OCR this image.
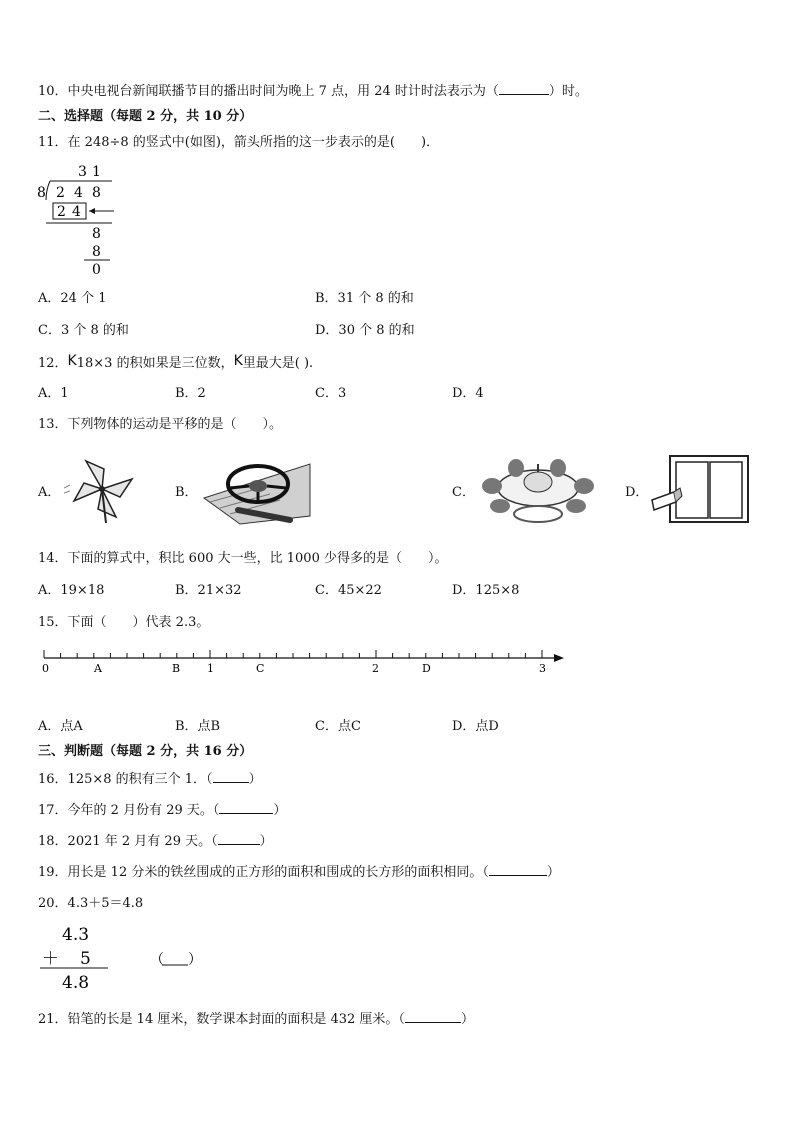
10．中央电视台新闻联播节目的播出时间为晚上 7 点，用 24 时计时法表示为（	）时。
二、选择题（每题 2 分，共 10 分）
11．在 248÷8 的竖式中(如图)，箭头所指的这一步表示的是(　　)．
3 1
8 2 4 8
2 4
8
8
0
A．24 个 1	B．31 个 8 的和
C．3 个 8 的和	D．30 个 8 的和
12．K18×3 的积如果是三位数，K里最大是( ).
A．1	B．2	C．3	D．4
13．下列物体的运动是平移的是（　　）。
A．	B．	C．	D．
14．下面的算式中，积比 600 大一些，比 1000 少得多的是（　　）。
A．19×18	B．21×32	C．45×22	D．125×8
15．下面（　　）代表 2.3。
0	A	B 1	C	2	D	3
A．点A	B．点B	C．点C	D．点D
三、判断题（每题 2 分，共 16 分）
16．125×8 的积有三个 1．（	）
17．今年的 2 月份有 29 天。（	）
18．2021 年 2 月有 29 天。（	）
19．用长是 12 分米的铁丝围成的正方形的面积和围成的长方形的面积相同。（	）
20．4.3＋5＝4.8
4.3
＋ 5
4.8
（ ）
21．铅笔的长是 14 厘米，数学课本封面的面积是 432 厘米。（	）
